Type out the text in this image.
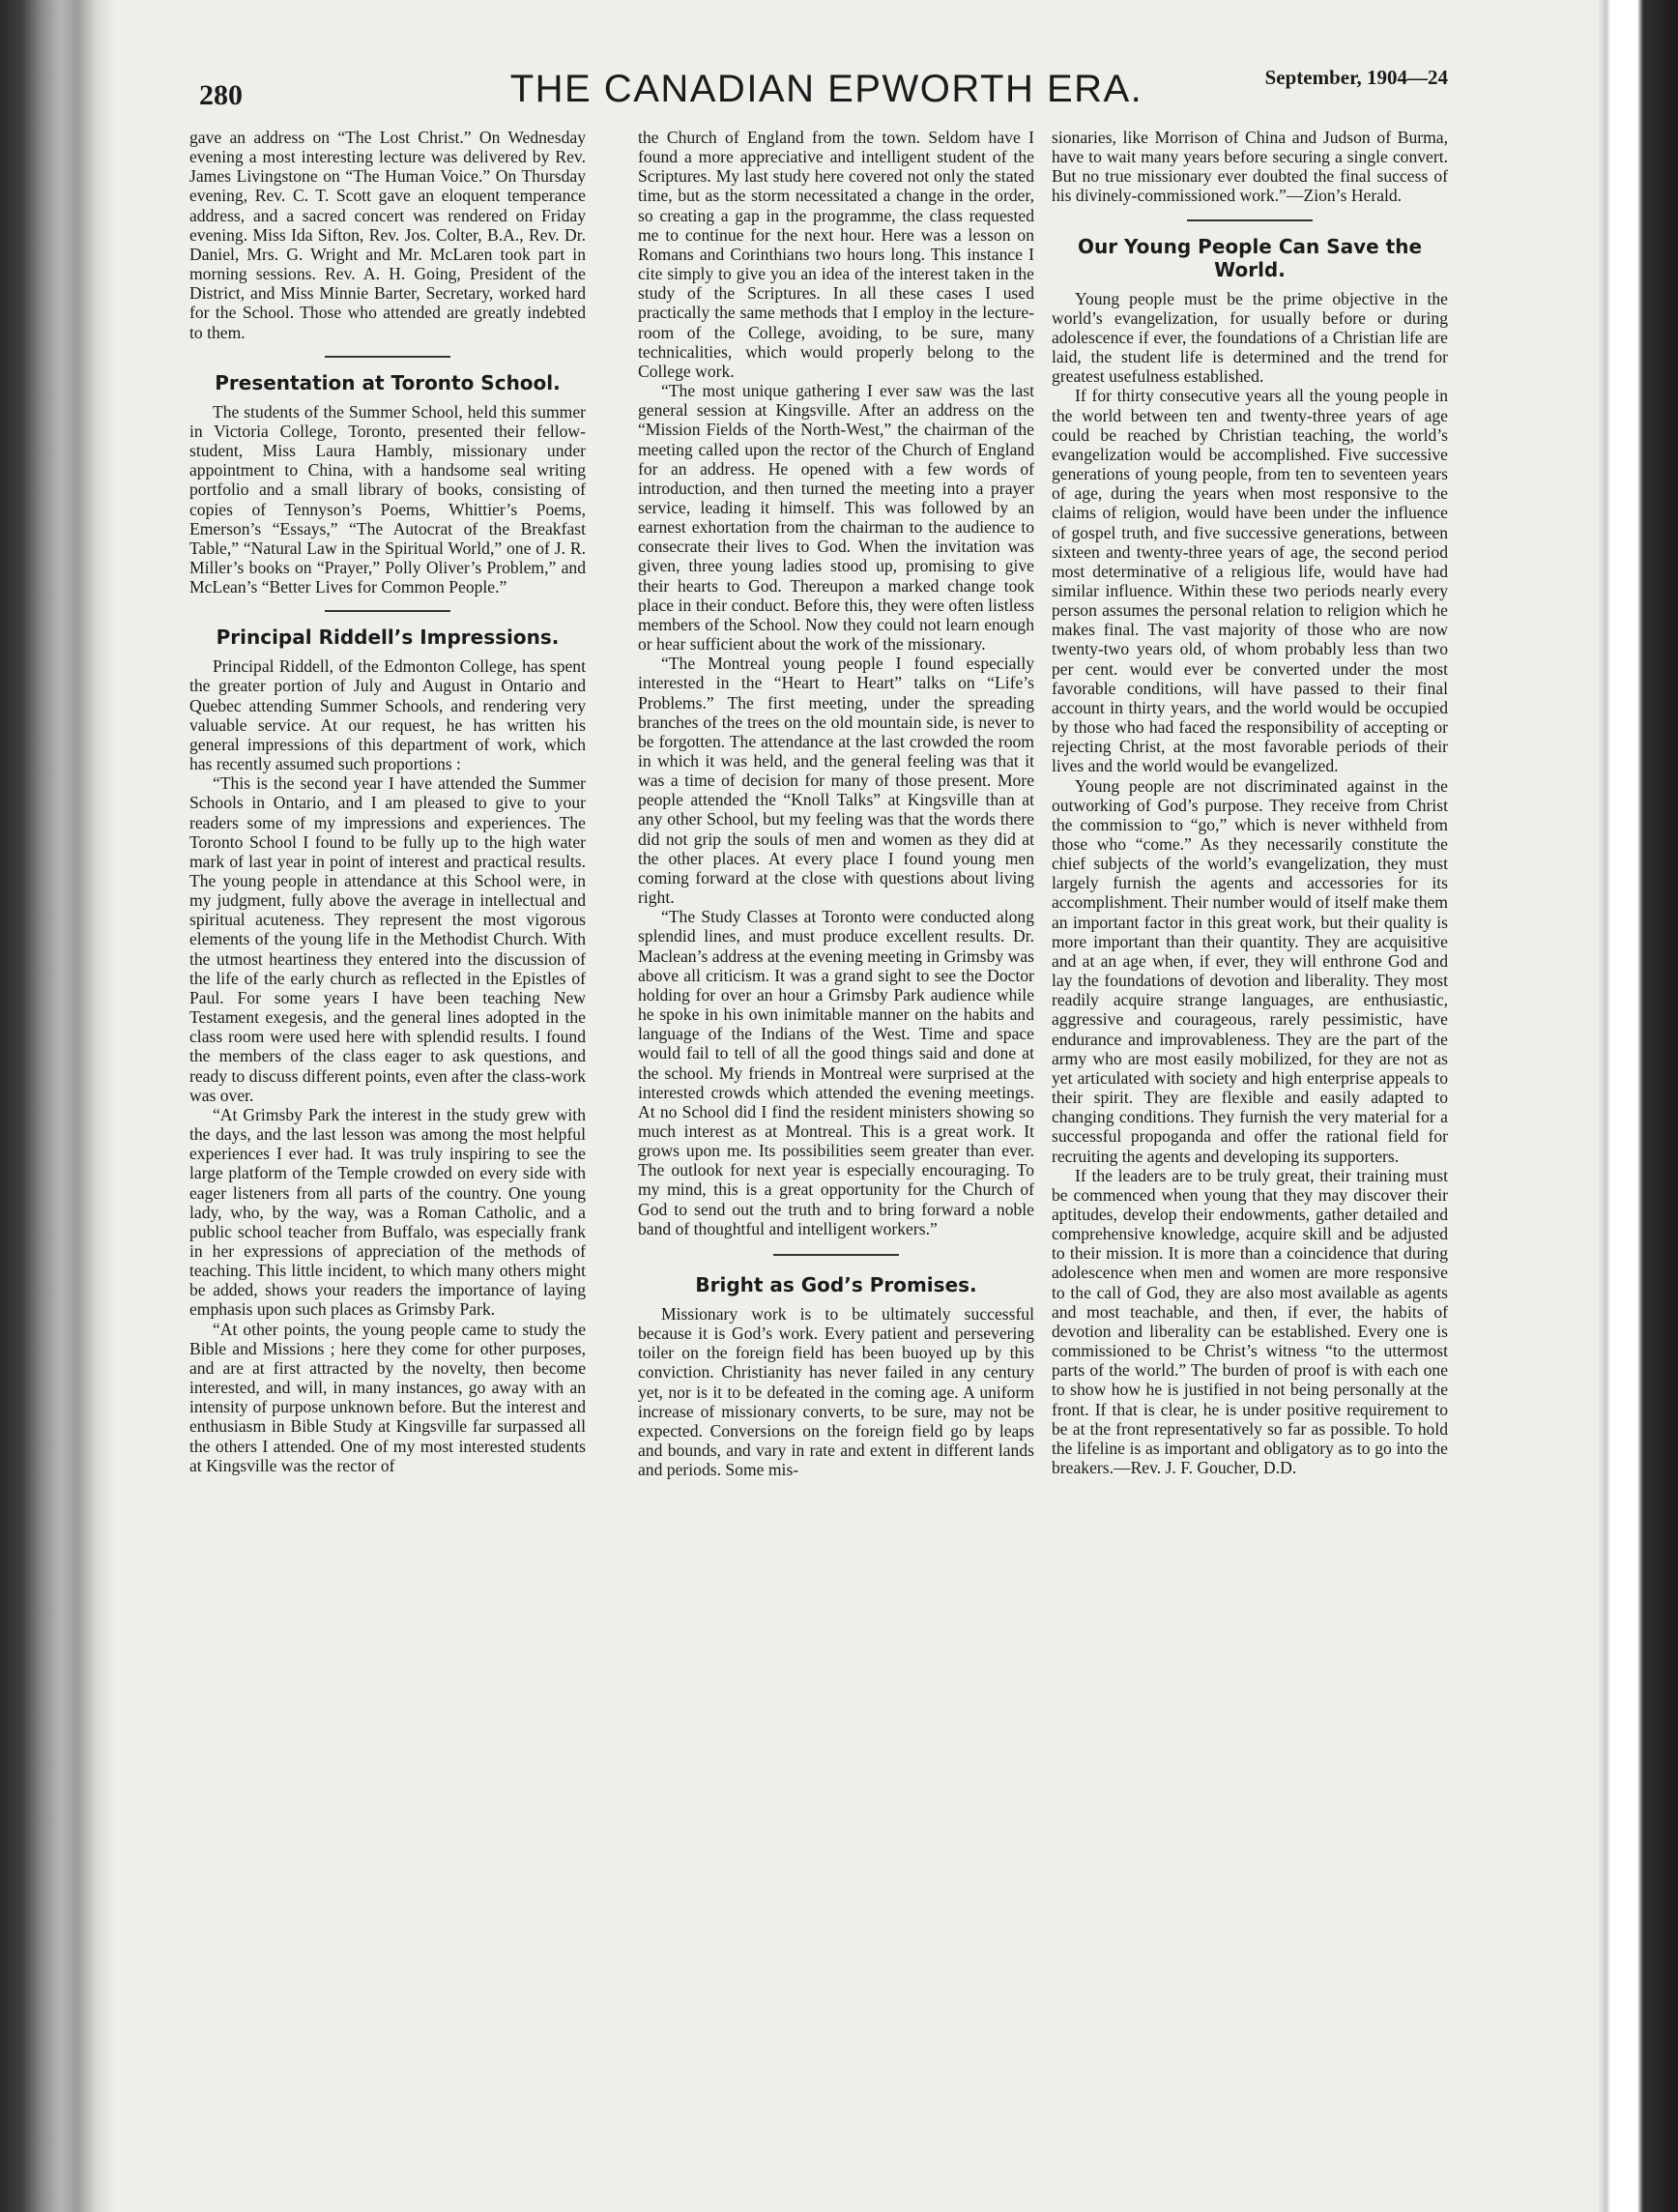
THE CANADIAN EPWORTH ERA.
280
September, 1904—24

gave an address on “The Lost Christ.” On Wednesday evening a most interesting lecture was delivered by Rev. James Livingstone on “The Human Voice.” On Thursday evening, Rev. C. T. Scott gave an eloquent temperance address, and a sacred concert was rendered on Friday evening. Miss Ida Sifton, Rev. Jos. Colter, B.A., Rev. Dr. Daniel, Mrs. G. Wright and Mr. McLaren took part in morning sessions. Rev. A. H. Going, President of the District, and Miss Minnie Barter, Secretary, worked hard for the School. Those who attended are greatly indebted to them.

Presentation at Toronto School.

The students of the Summer School, held this summer in Victoria College, Toronto, presented their fellow-student, Miss Laura Hambly, missionary under appointment to China, with a handsome seal writing portfolio and a small library of books, consisting of copies of Tennyson’s Poems, Whittier’s Poems, Emerson’s “Essays,” “The Autocrat of the Breakfast Table,” “Natural Law in the Spiritual World,” one of J. R. Miller’s books on “Prayer,” Polly Oliver’s Problem,” and McLean’s “Better Lives for Common People.”

Principal Riddell’s Impressions.

Principal Riddell, of the Edmonton College, has spent the greater portion of July and August in Ontario and Quebec attending Summer Schools, and rendering very valuable service. At our request, he has written his general impressions of this department of work, which has recently assumed such proportions :

“This is the second year I have attended the Summer Schools in Ontario, and I am pleased to give to your readers some of my impressions and experiences. The Toronto School I found to be fully up to the high water mark of last year in point of interest and practical results. The young people in attendance at this School were, in my judgment, fully above the average in intellectual and spiritual acuteness. They represent the most vigorous elements of the young life in the Methodist Church. With the utmost heartiness they entered into the discussion of the life of the early church as reflected in the Epistles of Paul. For some years I have been teaching New Testament exegesis, and the general lines adopted in the class room were used here with splendid results. I found the members of the class eager to ask questions, and ready to discuss different points, even after the class-work was over.

“At Grimsby Park the interest in the study grew with the days, and the last lesson was among the most helpful experiences I ever had. It was truly inspiring to see the large platform of the Temple crowded on every side with eager listeners from all parts of the country. One young lady, who, by the way, was a Roman Catholic, and a public school teacher from Buffalo, was especially frank in her expressions of appreciation of the methods of teaching. This little incident, to which many others might be added, shows your readers the importance of laying emphasis upon such places as Grimsby Park.

“At other points, the young people came to study the Bible and Missions ; here they come for other purposes, and are at first attracted by the novelty, then become interested, and will, in many instances, go away with an intensity of purpose unknown before. But the interest and enthusiasm in Bible Study at Kingsville far surpassed all the others I attended. One of my most interested students at Kingsville was the rector of

the Church of England from the town. Seldom have I found a more appreciative and intelligent student of the Scriptures. My last study here covered not only the stated time, but as the storm necessitated a change in the order, so creating a gap in the programme, the class requested me to continue for the next hour. Here was a lesson on Romans and Corinthians two hours long. This instance I cite simply to give you an idea of the interest taken in the study of the Scriptures. In all these cases I used practically the same methods that I employ in the lecture-room of the College, avoiding, to be sure, many technicalities, which would properly belong to the College work.

“The most unique gathering I ever saw was the last general session at Kingsville. After an address on the “Mission Fields of the North-West,” the chairman of the meeting called upon the rector of the Church of England for an address. He opened with a few words of introduction, and then turned the meeting into a prayer service, leading it himself. This was followed by an earnest exhortation from the chairman to the audience to consecrate their lives to God. When the invitation was given, three young ladies stood up, promising to give their hearts to God. Thereupon a marked change took place in their conduct. Before this, they were often listless members of the School. Now they could not learn enough or hear sufficient about the work of the missionary.

“The Montreal young people I found especially interested in the “Heart to Heart” talks on “Life’s Problems.” The first meeting, under the spreading branches of the trees on the old mountain side, is never to be forgotten. The attendance at the last crowded the room in which it was held, and the general feeling was that it was a time of decision for many of those present. More people attended the “Knoll Talks” at Kingsville than at any other School, but my feeling was that the words there did not grip the souls of men and women as they did at the other places. At every place I found young men coming forward at the close with questions about living right.

“The Study Classes at Toronto were conducted along splendid lines, and must produce excellent results. Dr. Maclean’s address at the evening meeting in Grimsby was above all criticism. It was a grand sight to see the Doctor holding for over an hour a Grimsby Park audience while he spoke in his own inimitable manner on the habits and language of the Indians of the West. Time and space would fail to tell of all the good things said and done at the school. My friends in Montreal were surprised at the interested crowds which attended the evening meetings. At no School did I find the resident ministers showing so much interest as at Montreal. This is a great work. It grows upon me. Its possibilities seem greater than ever. The outlook for next year is especially encouraging. To my mind, this is a great opportunity for the Church of God to send out the truth and to bring forward a noble band of thoughtful and intelligent workers.”

Bright as God’s Promises.

Missionary work is to be ultimately successful because it is God’s work. Every patient and persevering toiler on the foreign field has been buoyed up by this conviction. Christianity has never failed in any century yet, nor is it to be defeated in the coming age. A uniform increase of missionary converts, to be sure, may not be expected. Conversions on the foreign field go by leaps and bounds, and vary in rate and extent in different lands and periods. Some mis-

sionaries, like Morrison of China and Judson of Burma, have to wait many years before securing a single convert. But no true missionary ever doubted the final success of his divinely-commissioned work.”—Zion’s Herald.

Our Young People Can Save the World.

Young people must be the prime objective in the world’s evangelization, for usually before or during adolescence if ever, the foundations of a Christian life are laid, the student life is determined and the trend for greatest usefulness established.

If for thirty consecutive years all the young people in the world between ten and twenty-three years of age could be reached by Christian teaching, the world’s evangelization would be accomplished. Five successive generations of young people, from ten to seventeen years of age, during the years when most responsive to the claims of religion, would have been under the influence of gospel truth, and five successive generations, between sixteen and twenty-three years of age, the second period most determinative of a religious life, would have had similar influence. Within these two periods nearly every person assumes the personal relation to religion which he makes final. The vast majority of those who are now twenty-two years old, of whom probably less than two per cent. would ever be converted under the most favorable conditions, will have passed to their final account in thirty years, and the world would be occupied by those who had faced the responsibility of accepting or rejecting Christ, at the most favorable periods of their lives and the world would be evangelized.

Young people are not discriminated against in the outworking of God’s purpose. They receive from Christ the commission to “go,” which is never withheld from those who “come.” As they necessarily constitute the chief subjects of the world’s evangelization, they must largely furnish the agents and accessories for its accomplishment. Their number would of itself make them an important factor in this great work, but their quality is more important than their quantity. They are acquisitive and at an age when, if ever, they will enthrone God and lay the foundations of devotion and liberality. They most readily acquire strange languages, are enthusiastic, aggressive and courageous, rarely pessimistic, have endurance and improvableness. They are the part of the army who are most easily mobilized, for they are not as yet articulated with society and high enterprise appeals to their spirit. They are flexible and easily adapted to changing conditions. They furnish the very material for a successful propoganda and offer the rational field for recruiting the agents and developing its supporters.

If the leaders are to be truly great, their training must be commenced when young that they may discover their aptitudes, develop their endowments, gather detailed and comprehensive knowledge, acquire skill and be adjusted to their mission. It is more than a coincidence that during adolescence when men and women are more responsive to the call of God, they are also most available as agents and most teachable, and then, if ever, the habits of devotion and liberality can be established. Every one is commissioned to be Christ’s witness “to the uttermost parts of the world.” The burden of proof is with each one to show how he is justified in not being personally at the front. If that is clear, he is under positive requirement to be at the front representatively so far as possible. To hold the lifeline is as important and obligatory as to go into the breakers.—Rev. J. F. Goucher, D.D.
